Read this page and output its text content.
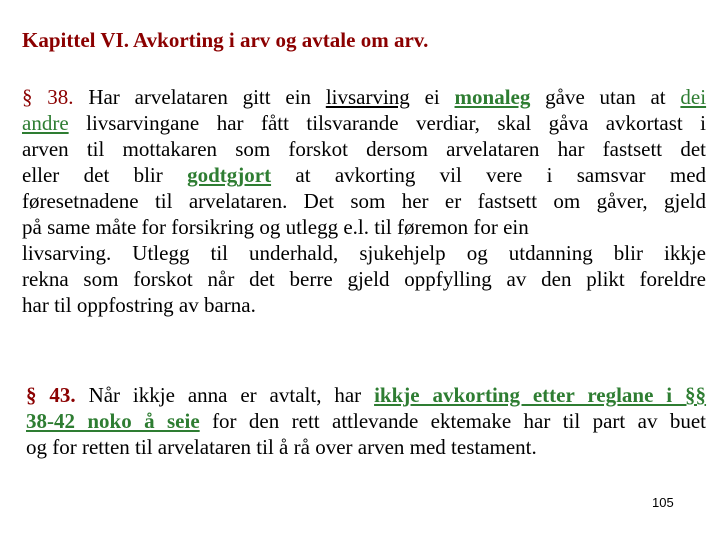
Kapittel VI. Avkorting i arv og avtale om arv.
§ 38. Har arvelataren gitt ein livsarving ei monaleg gåve utan at dei
andre livsarvingane har fått tilsvarande verdiar, skal gåva avkortast i
arven til mottakaren som forskot dersom arvelataren har fastsett det
eller det blir godtgjort at avkorting vil vere i samsvar med
føresetnadene til arvelataren. Det som her er fastsett om gåver, gjeld
på same måte for forsikring og utlegg e.l. til føremon for ein
livsarving. Utlegg til underhald, sjukehjelp og utdanning blir ikkje
rekna som forskot når det berre gjeld oppfylling av den plikt foreldre
har til oppfostring av barna.
§ 43. Når ikkje anna er avtalt, har ikkje avkorting etter reglane i §§
38-42 noko å seie for den rett attlevande ektemake har til part av buet
og for retten til arvelataren til å rå over arven med testament.
105
